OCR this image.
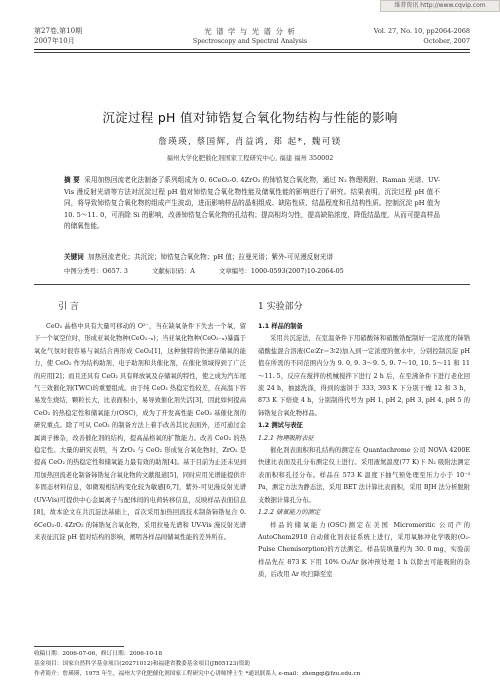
维普资讯 http://www.cqvip.com
第27卷,第10期
2007年10月
光 谱 学 与 光 谱 分 析
Spectroscopy and Spectral Analysis
Vol. 27, No. 10, pp2064-2068
October, 2007
沉淀过程 pH 值对铈锆复合氧化物结构与性能的影响
詹瑛瑛, 蔡国辉, 肖益鸿, 郑 起*, 魏可镁
福州大学化肥催化剂国家工程研究中心, 福建 福州 350002
摘 要 采用加热回流老化法制备了系列组成为 0. 6CeO₂-0. 4ZrO₂ 的铈锆复合氧化物，通过 N₂ 物理吸附、Raman 光谱、UV-Vis 漫反射光谱等方法对沉淀过程 pH 值对铈锆复合氧化物性能及储氧性能的影响进行了研究。结果表明，沉淀过程 pH 值不同，将导致铈锆复合氧化物的组成产生波动，进而影响样品的晶相组成、缺陷性质、结晶程度和孔结构性质。控制沉淀 pH 值为 10. 5～11. 0，可消除 Si 的影响，改善铈锆复合氧化物的孔结构；提高相均匀性，提高缺陷浓度，降低结晶度，从而可提高样品的储氧性能。
关键词 加热回流老化；共沉淀；铈锆复合氧化物；pH 值；拉曼光谱；紫外-可见漫反射光谱
中图分类号：O657. 3	文献标识码：A	文章编号：1000-0593(2007)10-2064-05
引 言
CeO₂ 晶格中具有大量可移动的 O²⁻，当在缺氧条件下失去一个氧，留下一个氧空位时，形成亚氧化物种(CeO₂₋ₓ)；当亚氧化物种(CeO₂₋ₓ)暴露于氧化气氛时很容易与氧结合再形成 CeO₂[1]，这种独特的快速存储氧的能力，使 CeO₂ 作为结构助剂、电子助剂和共催化剂，在催化领域得到了广泛的应用[2]；而且还具有 CeO₂ 具有释放氧及存储氧的特性，使之成为汽车尾气三效催化剂(TWC)的重要组成。由于纯 CeO₂ 热稳定性较差，在高温下容易发生烧结，颗粒长大，比表面积小，易导致催化剂失活[3]，因此如何提高 CeO₂ 的热稳定性和储氧能力(OSC)，成为了开发高性能 CeO₂ 基催化剂的研究重点。除了可从 CeO₂ 的制备方法上着手改善其比表面外，还可通过金属离子掺杂，改善催化剂的结构，提高晶格氧的扩散能力。改善 CeO₂ 的热稳定性。大量的研究表明，当 ZrO₂ 与 CeO₂ 形成复合氧化物时，ZrO₂ 是提高 CeO₂ 的热稳定性和储氧能力最有效的助剂[4]。基于目前为止还未见到用加热回流老化制备铈锆复合氧化物的文献报道[5]，同时应用光谱能提供许多固态材料信息，如微观相结构变化较为敏感[6,7]，紫外-可见漫反射光谱(UV-Vis)可提供中心金属离子与配体间的电荷转移信息，反映样品表面信息[8]，故本论文在共沉淀法基础上，首次采用加热回流技术制备铈锆复合 0. 6CeO₂-0. 4ZrO₂ 的铈锆复合氧化物，采用拉曼光谱和 UV-Vis 漫反射光谱来表征沉淀 pH 值对结构的影响，阐明各样品间储氧性能的差异所在。
1 实验部分
1.1 样品的制备
采用共沉淀法，在室温条件下用硝酸铈和硝酸锆配制好一定浓度的铈锆硝酸盐混合溶液(Ce∶Zr＝3∶2)加入到一定浓度的氨水中，分别控制沉淀 pH 值在所需的不同范围内分为 9. 0, 9. 3～9. 5, 9. 7～10, 10. 5～11 和 11～11. 5，反应在搅拌的机械搅拌下进行 2 h 后，在至沸条件下进行老化回流 24 h，抽滤洗涤，得到的滤饼于 333, 393 K 下分别干燥 12 和 3 h，873 K 下焙烧 4 h，分别制得代号为 pH 1, pH 2, pH 3, pH 4, pH 5 的铈锆复合氧化物样品。
1.2 测试与表征
1.2.1 物理吸附表征
催化剂表面积和孔结构的测定在 Quantachrome 公司 NOVA 4200E 快速比表面及孔分布测定仪上进行。采用液氮温度(77 K)下 N₂ 吸附法测定表面积和孔径分布。样品在 573 K 温度下抽气预处理至压力小于 10⁻³ Pa，测定方法为静态法，采用 BET 法计算比表面积，采用 BJH 法分析脱附支数据计算孔分布。
1.2.2 储氧能力的测定
样品的储氧能力(OSC)测定在美国 Micromeritic 公司产的 AutoChem2910 自动催化剂表征系统上进行，采用氧脉冲化学吸附(O₂-Pulse Chemisorption)的方法测定。样品装填量约为 30. 0 mg，实验前样品先在 873 K 下用 10% O₂/Ar 脉冲预处理 1 h 以除去可能吸附的杂质，后改用 Ar 吹扫降至室
收稿日期：2006-07-06，修订日期：2006-10-18
基金项目：国家自然科学基金项目(20271012)和福建省教委基金项目(JB05123)资助
作者简介：詹瑛瑛，1975 年生，福州大学化肥催化剂国家工程研究中心讲师博士生 *通讯联系人 e-mail：zhengqi@fzu.edu.cn
